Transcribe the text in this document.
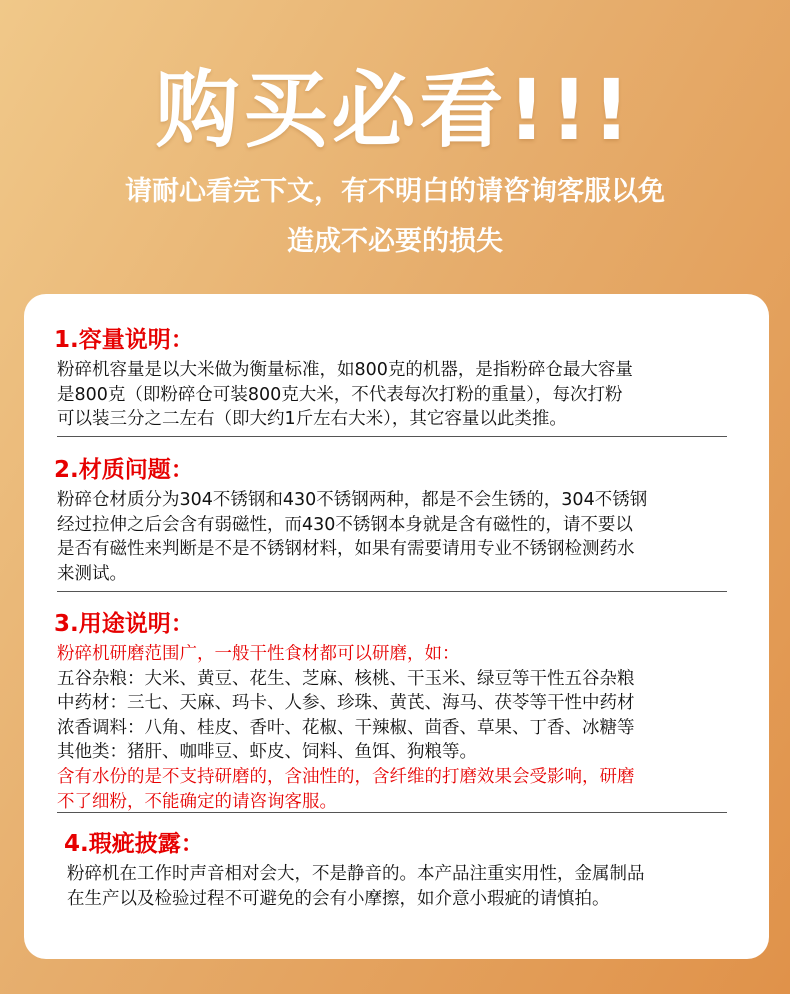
购买必看!!!
请耐心看完下文，有不明白的请咨询客服以免
造成不必要的损失
1.容量说明：
粉碎机容量是以大米做为衡量标准，如800克的机器，是指粉碎仓最大容量
是800克（即粉碎仓可装800克大米，不代表每次打粉的重量），每次打粉
可以装三分之二左右（即大约1斤左右大米），其它容量以此类推。
2.材质问题：
粉碎仓材质分为304不锈钢和430不锈钢两种，都是不会生锈的，304不锈钢
经过拉伸之后会含有弱磁性，而430不锈钢本身就是含有磁性的，请不要以
是否有磁性来判断是不是不锈钢材料，如果有需要请用专业不锈钢检测药水
来测试。
3.用途说明：
粉碎机研磨范围广，一般干性食材都可以研磨，如：
五谷杂粮：大米、黄豆、花生、芝麻、核桃、干玉米、绿豆等干性五谷杂粮
中药材：三七、天麻、玛卡、人参、珍珠、黄芪、海马、茯苓等干性中药材
浓香调料：八角、桂皮、香叶、花椒、干辣椒、茴香、草果、丁香、冰糖等
其他类：猪肝、咖啡豆、虾皮、饲料、鱼饵、狗粮等。
含有水份的是不支持研磨的，含油性的，含纤维的打磨效果会受影响，研磨
不了细粉，不能确定的请咨询客服。
4.瑕疵披露：
粉碎机在工作时声音相对会大，不是静音的。本产品注重实用性，金属制品
在生产以及检验过程不可避免的会有小摩擦，如介意小瑕疵的请慎拍。
